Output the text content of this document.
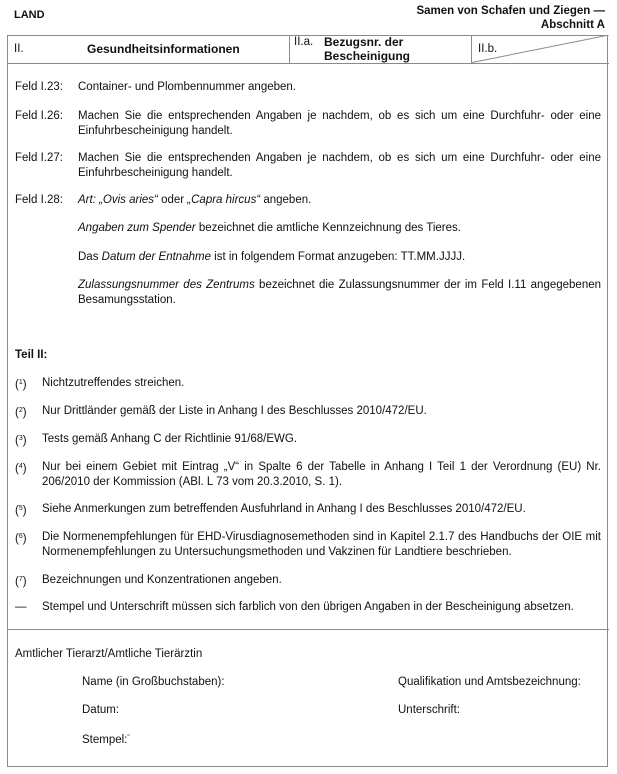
LAND	Samen von Schafen und Ziegen —
Abschnitt A
II.	Gesundheitsinformationen	II.a. Bezugsnr. der
Bescheinigung	II.b.
Feld I.23: Container- und Plombennummer angeben.
Feld I.26: Machen Sie die entsprechenden Angaben je nachdem, ob es sich um eine Durchfuhr- oder eine Einfuhrbescheinigung handelt.
Feld I.27: Machen Sie die entsprechenden Angaben je nachdem, ob es sich um eine Durchfuhr- oder eine Einfuhrbescheinigung handelt.
Feld I.28: Art: „Ovis aries“ oder „Capra hircus“ angeben.
Angaben zum Spender bezeichnet die amtliche Kennzeichnung des Tieres.
Das Datum der Entnahme ist in folgendem Format anzugeben: TT.MM.JJJJ.
Zulassungsnummer des Zentrums bezeichnet die Zulassungsnummer der im Feld I.11 angegebenen Besamungsstation.
Teil II:
($^1$) Nichtzutreffendes streichen.
($^2$) Nur Drittländer gemäß der Liste in Anhang I des Beschlusses 2010/472/EU.
($^3$) Tests gemäß Anhang C der Richtlinie 91/68/EWG.
($^4$) Nur bei einem Gebiet mit Eintrag „V“ in Spalte 6 der Tabelle in Anhang I Teil 1 der Verordnung (EU) Nr. 206/2010 der Kommission (ABl. L 73 vom 20.3.2010, S. 1).
($^5$) Siehe Anmerkungen zum betreffenden Ausfuhrland in Anhang I des Beschlusses 2010/472/EU.
($^6$) Die Normenempfehlungen für EHD-Virusdiagnosemethoden sind in Kapitel 2.1.7 des Handbuchs der OIE mit Normenempfehlungen zu Untersuchungsmethoden und Vakzinen für Landtiere beschrieben.
($^7$) Bezeichnungen und Konzentrationen angeben.
— Stempel und Unterschrift müssen sich farblich von den übrigen Angaben in der Bescheinigung absetzen.
Amtlicher Tierarzt/Amtliche Tierärztin
Name (in Großbuchstaben):	Qualifikation und Amtsbezeichnung:
Datum:	Unterschrift:
Stempel:“
